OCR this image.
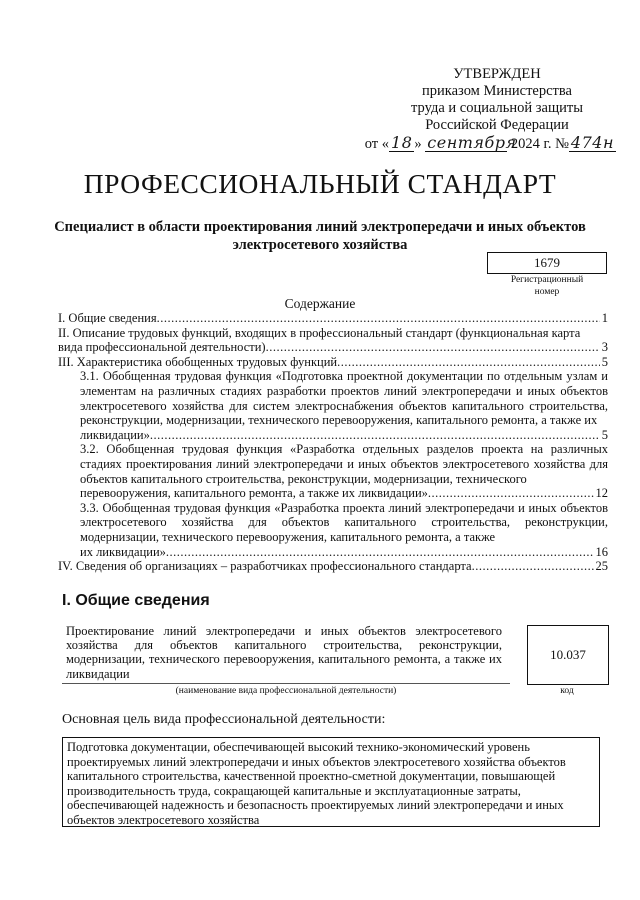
УТВЕРЖДЕН
приказом Министерства
труда и социальной защиты
Российской Федерации
от « 18 »
сентября

2024 г. № 474н
ПРОФЕССИОНАЛЬНЫЙ СТАНДАРТ
Специалист в области проектирования линий электропередачи и иных объектов электросетевого хозяйства
1679
Регистрационный
номер
Содержание
I. Общие сведения .....	1
II. Описание трудовых функций, входящих в профессиональный стандарт (функциональная карта
вида профессиональной деятельности) .....	3
III. Характеристика обобщенных трудовых функций .....	5
3.1. Обобщенная трудовая функция «Подготовка проектной документации по отдельным узлам и элементам на различных стадиях разработки проектов линий электропередачи и иных объектов электросетевого хозяйства для систем электроснабжения объектов капитального строительства, реконструкции, модернизации, технического перевооружения, капитального ремонта, а также их
ликвидации» .....	5
3.2. Обобщенная трудовая функция «Разработка отдельных разделов проекта на различных стадиях проектирования линий электропередачи и иных объектов электросетевого хозяйства для объектов капитального строительства, реконструкции, модернизации, технического
перевооружения, капитального ремонта, а также их ликвидации» .....	12
3.3. Обобщенная трудовая функция «Разработка проекта линий электропередачи и иных объектов электросетевого хозяйства для объектов капитального строительства, реконструкции, модернизации, технического перевооружения, капитального ремонта, а также
их ликвидации» .....	16
IV. Сведения об организациях – разработчиках профессионального стандарта .....	25
I. Общие сведения
Проектирование линий электропередачи и иных объектов электросетевого хозяйства для объектов капитального строительства, реконструкции, модернизации, технического перевооружения, капитального ремонта, а также их ликвидации
(наименование вида профессиональной деятельности)
10.037
код
Основная цель вида профессиональной деятельности:
Подготовка документации, обеспечивающей высокий технико-экономический уровень проектируемых линий электропередачи и иных объектов электросетевого хозяйства объектов капитального строительства, качественной проектно-сметной документации, повышающей производительность труда, сокращающей капитальные и эксплуатационные затраты, обеспечивающей надежность и безопасность проектируемых линий электропередачи и иных объектов электросетевого хозяйства
